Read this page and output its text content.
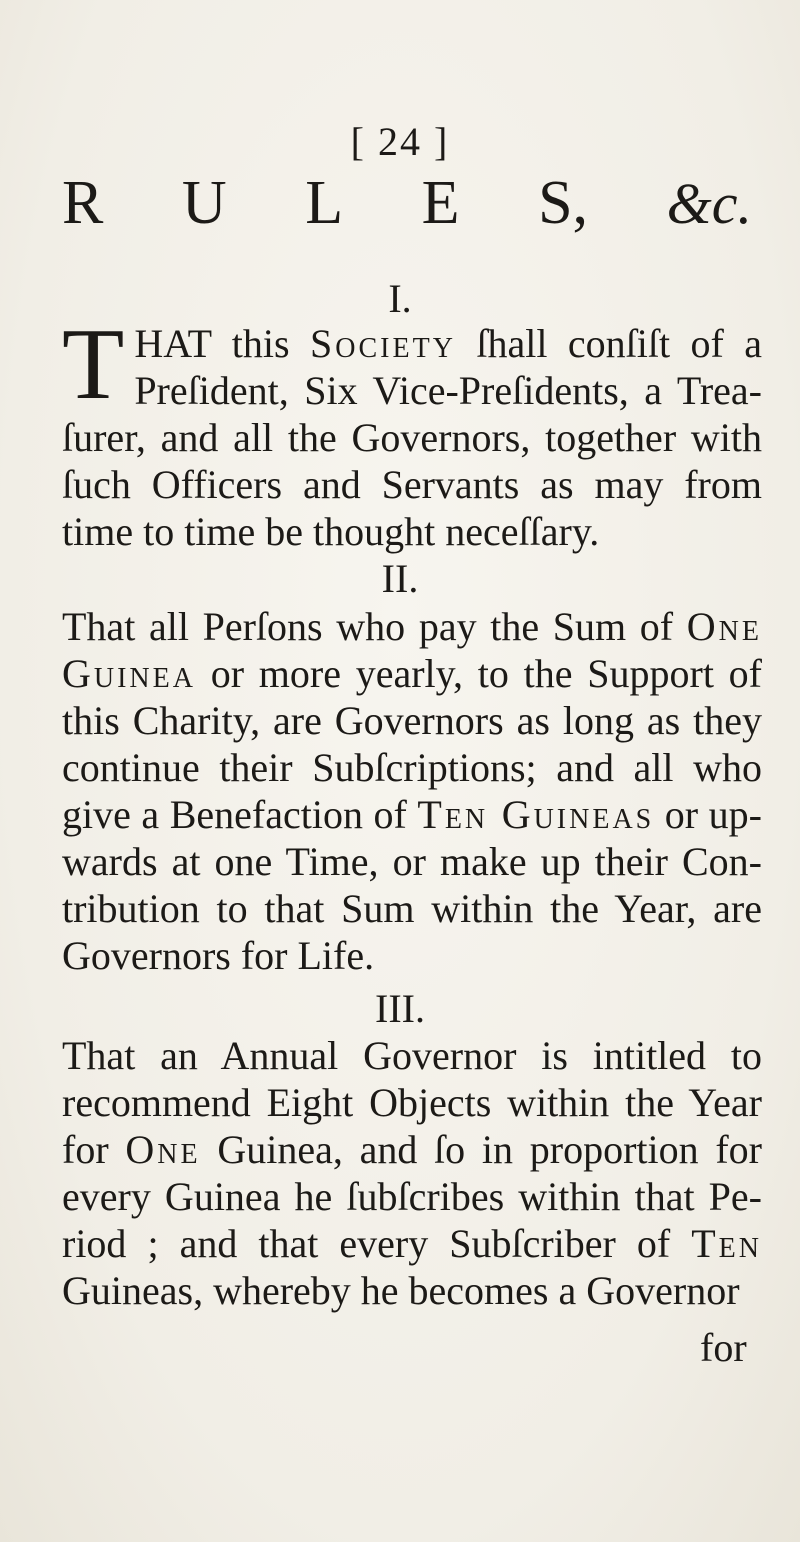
[ 24 ]
R U L E S, &c.
I.

T HAT this Society ſhall conſiſt of a Preſident, Six Vice-Preſidents, a Trea-ſurer, and all the Governors, together with ſuch Officers and Servants as may from time to time be thought neceſſary.

II.

That all Perſons who pay the Sum of One Guinea or more yearly, to the Support of this Charity, are Governors as long as they continue their Subſcriptions; and all who give a Benefaction of Ten Guineas or up-wards at one Time, or make up their Con-tribution to that Sum within the Year, are Governors for Life.

III.

That an Annual Governor is intitled to recommend Eight Objects within the Year for One Guinea, and ſo in proportion for every Guinea he ſubſcribes within that Pe-riod ; and that every Subſcriber of Ten Guineas, whereby he becomes a Governor

for
